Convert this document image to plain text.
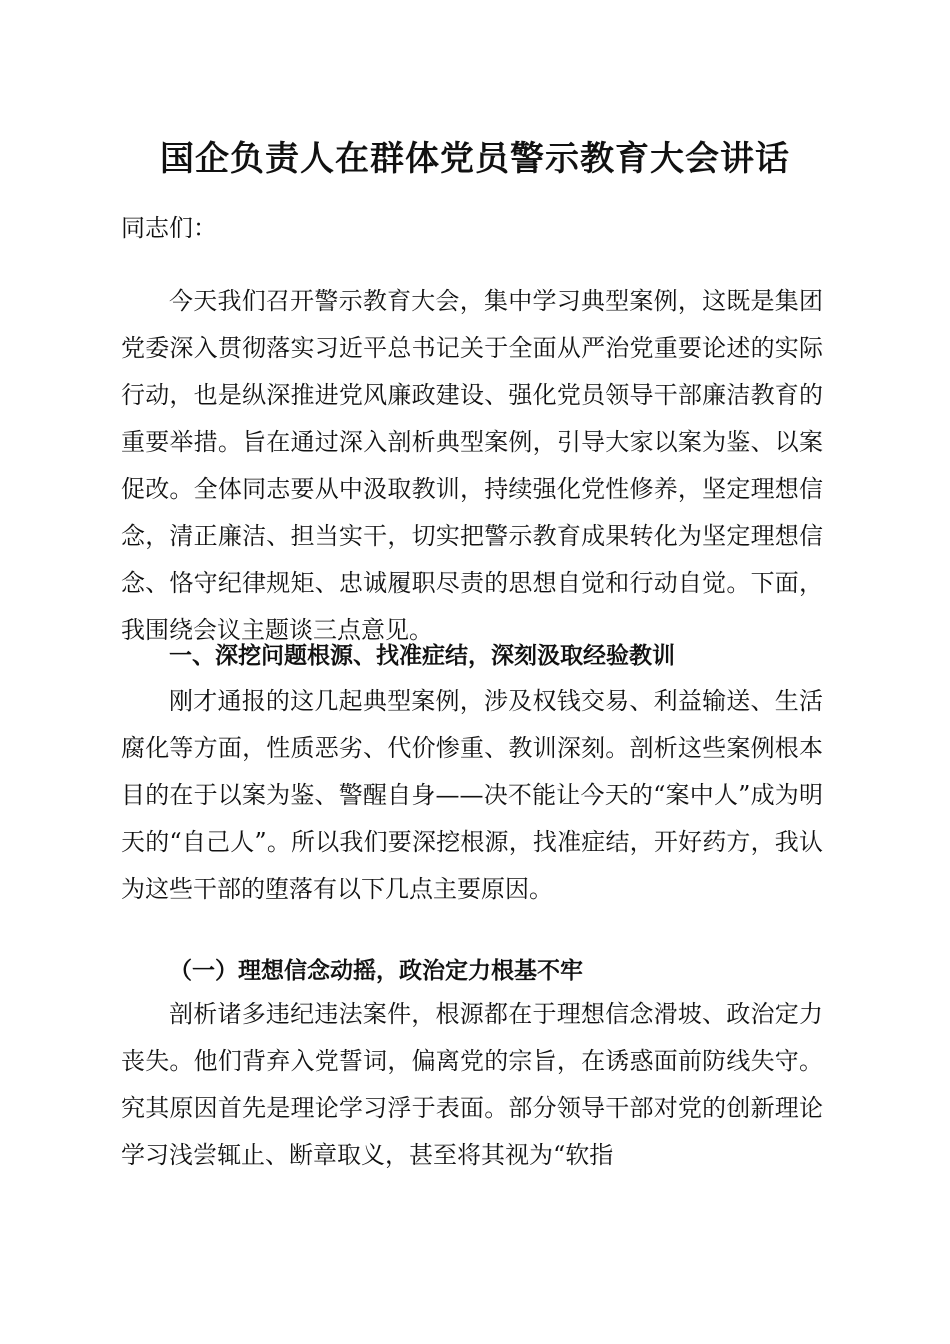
国企负责人在群体党员警示教育大会讲话

同志们：

今天我们召开警示教育大会，集中学习典型案例，这既是集团党委深入贯彻落实习近平总书记关于全面从严治党重要论述的实际行动，也是纵深推进党风廉政建设、强化党员领导干部廉洁教育的重要举措。旨在通过深入剖析典型案例，引导大家以案为鉴、以案促改。全体同志要从中汲取教训，持续强化党性修养，坚定理想信念，清正廉洁、担当实干，切实把警示教育成果转化为坚定理想信念、恪守纪律规矩、忠诚履职尽责的思想自觉和行动自觉。下面，我围绕会议主题谈三点意见。

一、深挖问题根源、找准症结，深刻汲取经验教训

刚才通报的这几起典型案例，涉及权钱交易、利益输送、生活腐化等方面，性质恶劣、代价惨重、教训深刻。剖析这些案例根本目的在于以案为鉴、警醒自身——决不能让今天的“案中人”成为明天的“自己人”。所以我们要深挖根源，找准症结，开好药方，我认为这些干部的堕落有以下几点主要原因。

（一）理想信念动摇，政治定力根基不牢

剖析诸多违纪违法案件，根源都在于理想信念滑坡、政治定力丧失。他们背弃入党誓词，偏离党的宗旨，在诱惑面前防线失守。究其原因首先是理论学习浮于表面。部分领导干部对党的创新理论学习浅尝辄止、断章取义，甚至将其视为“软指
